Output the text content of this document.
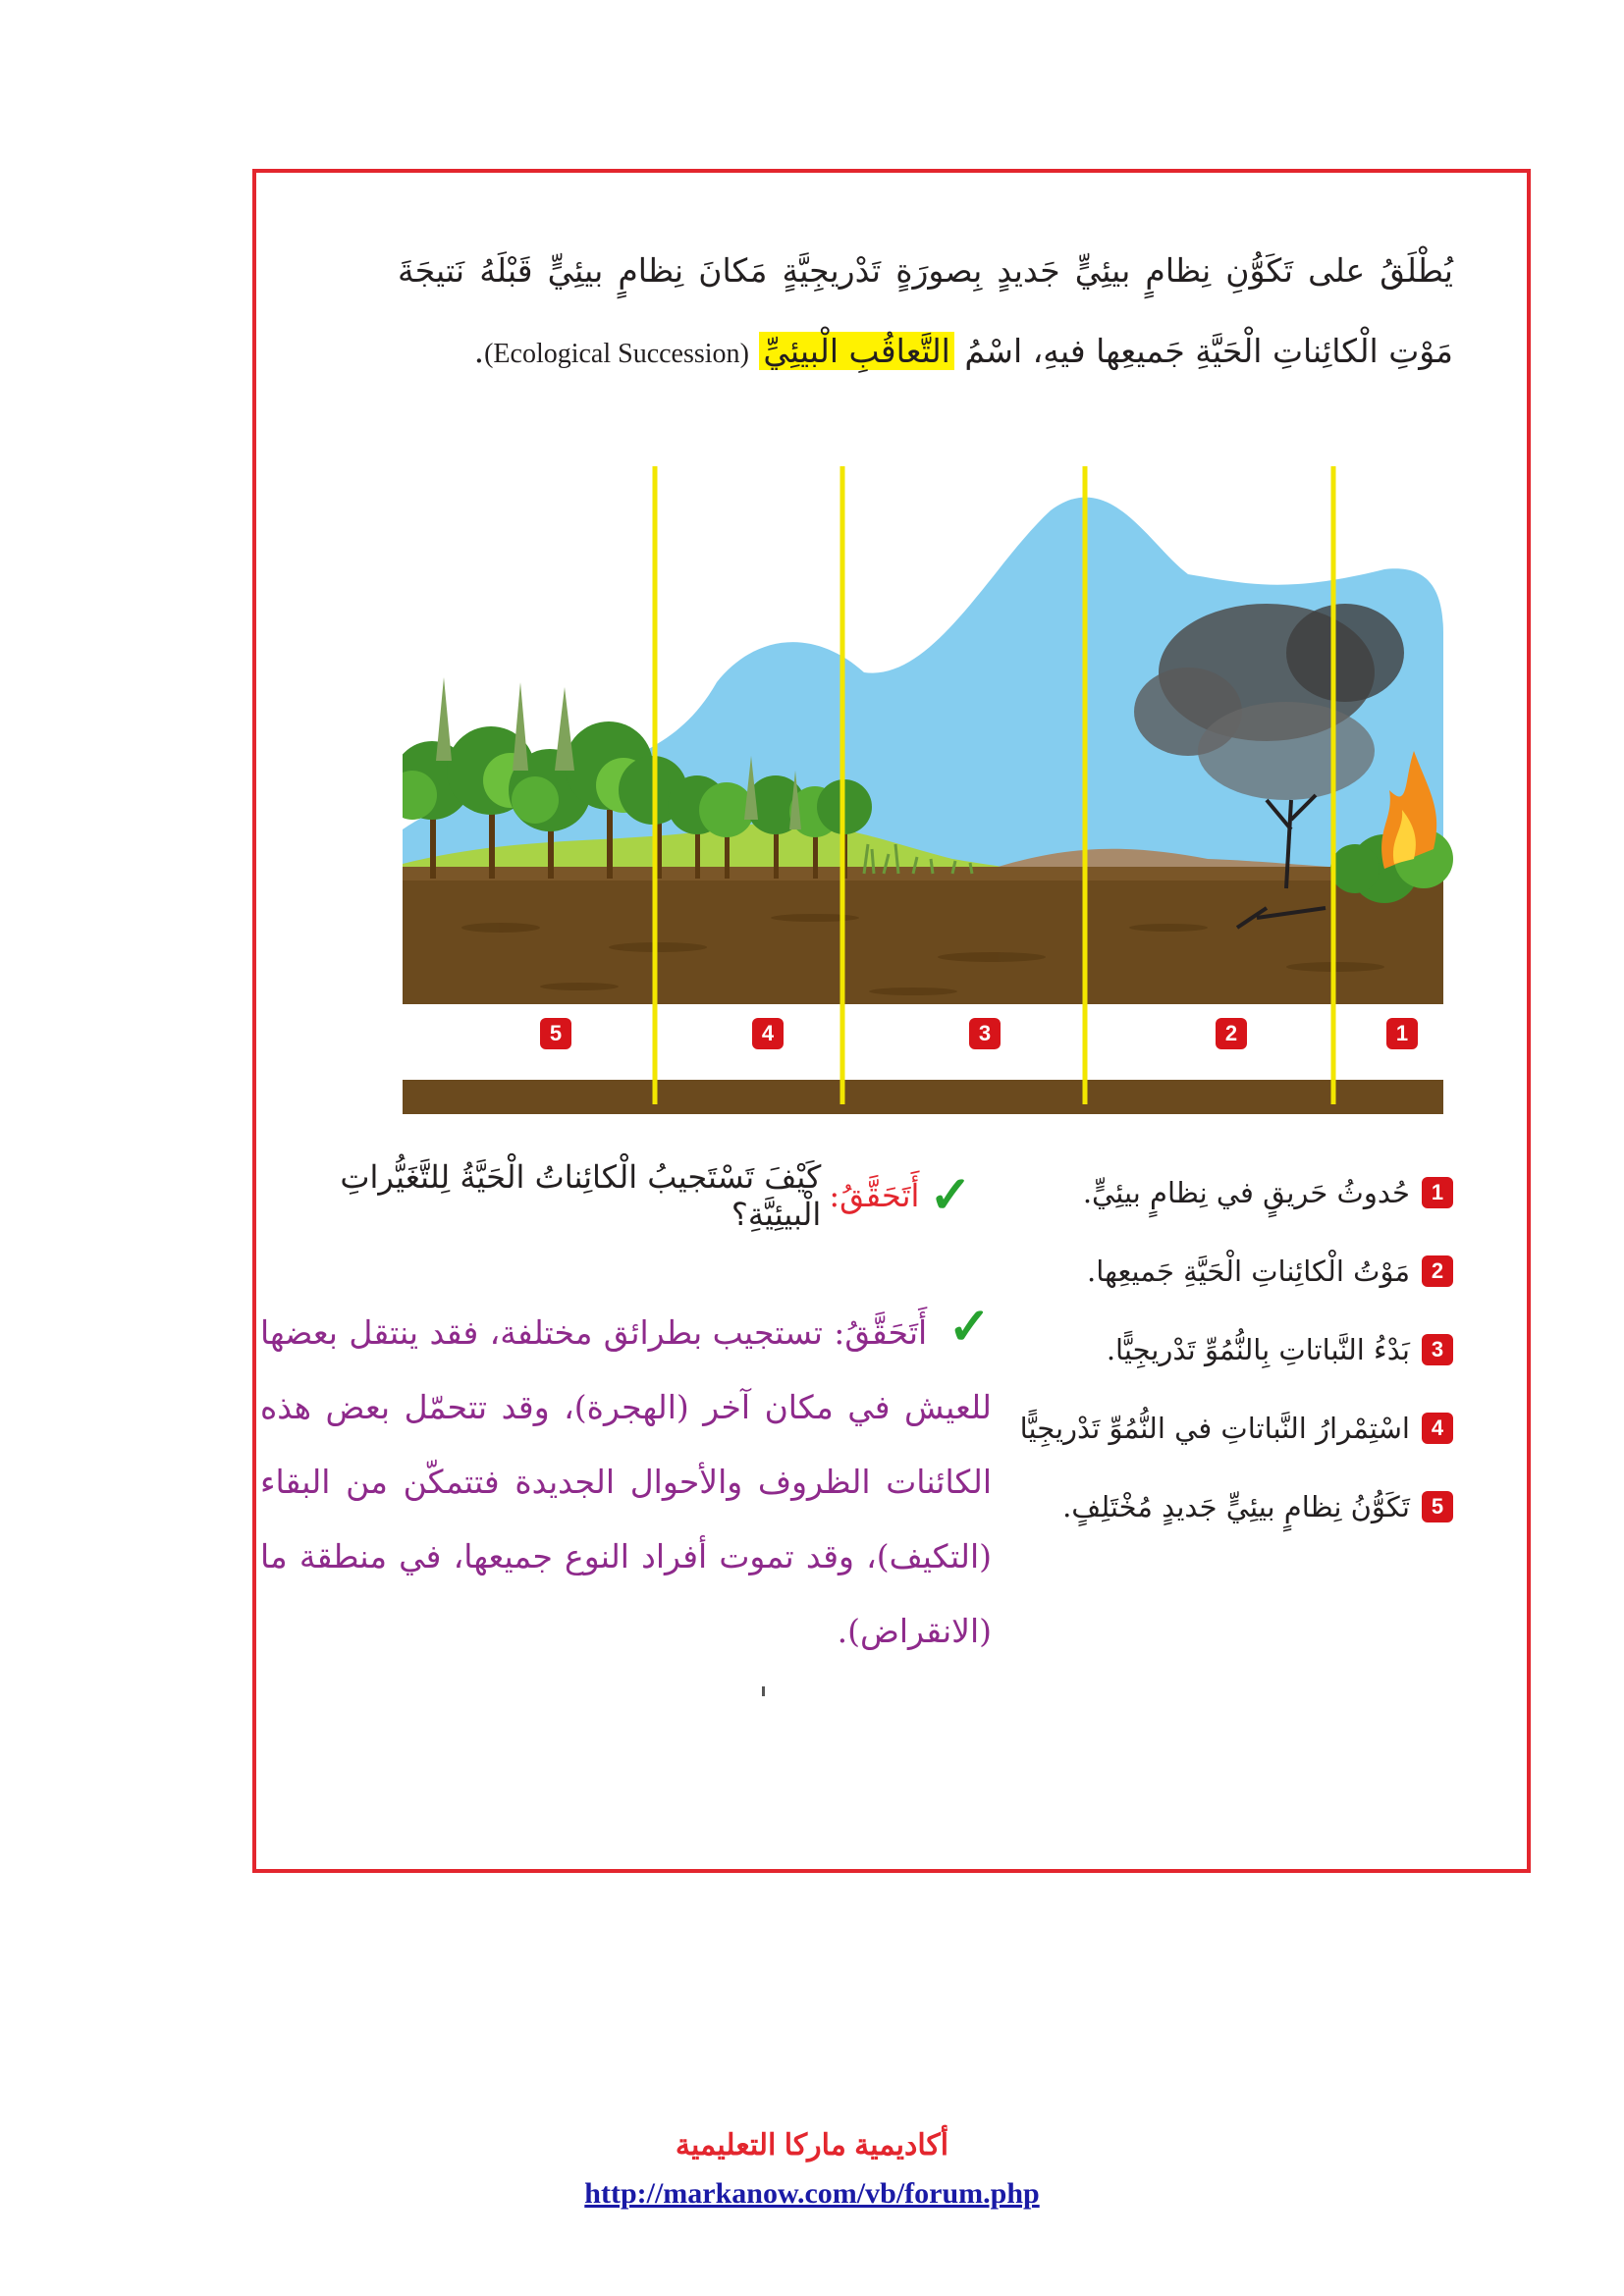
يُطْلَقُ على تَكَوُّنِ نِظامٍ بيئِيٍّ جَديدٍ بِصورَةٍ تَدْريجِيَّةٍ مَكانَ نِظامٍ بيئِيٍّ قَبْلَهُ نَتيجَةَ مَوْتِ الْكائِناتِ الْحَيَّةِ جَميعِها فيهِ، اسْمُ التَّعاقُبِ الْبيئِيِّ (Ecological Succession).
5	4	3	2	1
1
حُدوثُ حَريقٍ في نِظامٍ بيئِيٍّ.
2
مَوْتُ الْكائِناتِ الْحَيَّةِ جَميعِها.
3
بَدْءُ النَّباتاتِ بِالنُّمُوِّ تَدْريجِيًّا.
4
اسْتِمْرارُ النَّباتاتِ في النُّمُوِّ تَدْريجِيًّا
5
تَكَوُّنُ نِظامٍ بيئِيٍّ جَديدٍ مُخْتَلِفٍ.
✓
أَتَحَقَّقُ:
كَيْفَ تَسْتَجيبُ الْكائِناتُ الْحَيَّةُ لِلتَّغَيُّراتِ الْبيئِيَّةِ؟
✓ أَتَحَقَّقُ: تستجيب بطرائق مختلفة، فقد ينتقل بعضها للعيش في مكان آخر (الهجرة)، وقد تتحمّل بعض هذه الكائنات الظروف والأحوال الجديدة فتتمكّن من البقاء (التكيف)، وقد تموت أفراد النوع جميعها، في منطقة ما (الانقراض).
أكاديمية ماركا التعليمية
http://markanow.com/vb/forum.php
